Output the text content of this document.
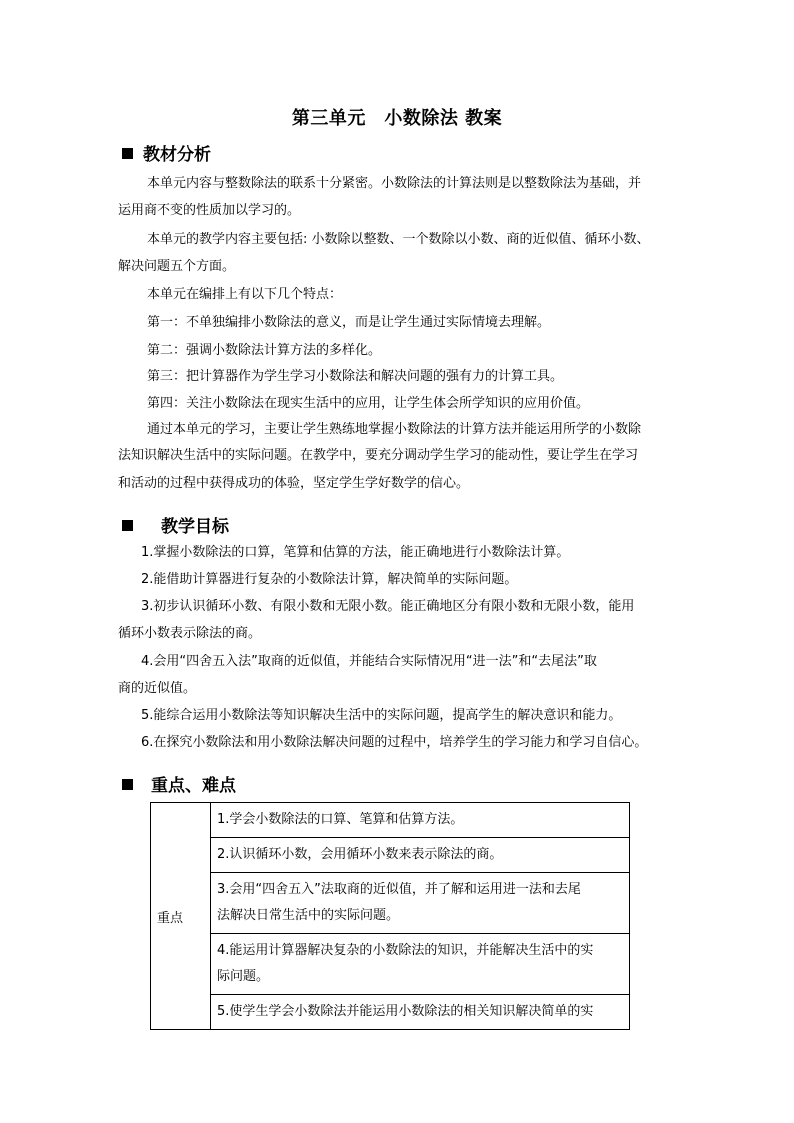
第三单元　小数除法 教案
教材分析
本单元内容与整数除法的联系十分紧密。小数除法的计算法则是以整数除法为基础，并
运用商不变的性质加以学习的。
本单元的教学内容主要包括: 小数除以整数、一个数除以小数、商的近似值、循环小数、
解决问题五个方面。
本单元在编排上有以下几个特点：
第一：不单独编排小数除法的意义，而是让学生通过实际情境去理解。
第二：强调小数除法计算方法的多样化。
第三：把计算器作为学生学习小数除法和解决问题的强有力的计算工具。
第四：关注小数除法在现实生活中的应用，让学生体会所学知识的应用价值。
通过本单元的学习，主要让学生熟练地掌握小数除法的计算方法并能运用所学的小数除
法知识解决生活中的实际问题。在教学中，要充分调动学生学习的能动性，要让学生在学习
和活动的过程中获得成功的体验，坚定学生学好数学的信心。
教学目标
1.掌握小数除法的口算，笔算和估算的方法，能正确地进行小数除法计算。
2.能借助计算器进行复杂的小数除法计算，解决简单的实际问题。
3.初步认识循环小数、有限小数和无限小数。能正确地区分有限小数和无限小数，能用
循环小数表示除法的商。
4.会用“四舍五入法”取商的近似值，并能结合实际情况用“进一法”和“去尾法”取
商的近似值。
5.能综合运用小数除法等知识解决生活中的实际问题，提高学生的解决意识和能力。
6.在探究小数除法和用小数除法解决问题的过程中，培养学生的学习能力和学习自信心。
重点、难点
重点	
1.学会小数除法的口算、笔算和估算方法。

2.认识循环小数，会用循环小数来表示除法的商。

3.会用“四舍五入”法取商的近似值，并了解和运用进一法和去尾
法解决日常生活中的实际问题。

4.能运用计算器解决复杂的小数除法的知识，并能解决生活中的实
际问题。

5.使学生学会小数除法并能运用小数除法的相关知识解决简单的实
